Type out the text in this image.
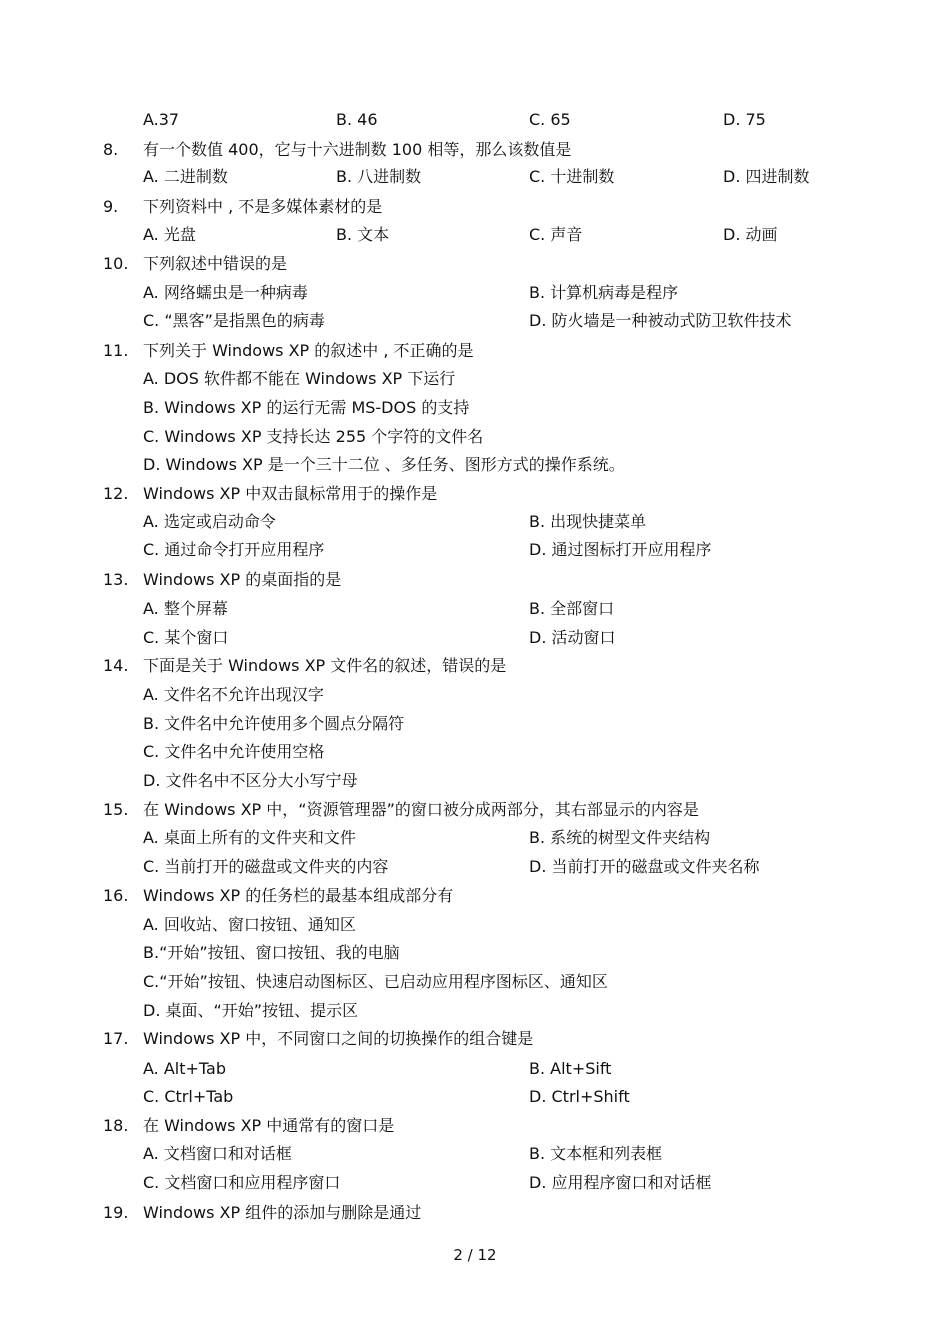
A.37	B. 46	C. 65	D. 75
8. 有一个数值 400，它与十六进制数 100 相等，那么该数值是
A. 二进制数	B. 八进制数	C. 十进制数	D. 四进制数
9. 下列资料中 , 不是多媒体素材的是
A. 光盘	B. 文本	C. 声音	D. 动画
10. 下列叙述中错误的是
A. 网络蠕虫是一种病毒	B. 计算机病毒是程序
C. “黑客”是指黑色的病毒	D. 防火墙是一种被动式防卫软件技术
11. 下列关于 Windows XP 的叙述中 , 不正确的是
A. DOS 软件都不能在 Windows XP 下运行
B. Windows XP 的运行无需 MS-DOS 的支持
C. Windows XP 支持长达 255 个字符的文件名
D. Windows XP 是一个三十二位 、多任务、图形方式的操作系统。
12. Windows XP 中双击鼠标常用于的操作是
A. 选定或启动命令	B. 出现快捷菜单
C. 通过命令打开应用程序	D. 通过图标打开应用程序
13. Windows XP 的桌面指的是
A. 整个屏幕	B. 全部窗口
C. 某个窗口	D. 活动窗口
14. 下面是关于 Windows XP 文件名的叙述，错误的是
A. 文件名不允许出现汉字
B. 文件名中允许使用多个圆点分隔符
C. 文件名中允许使用空格
D. 文件名中不区分大小写宁母
15. 在 Windows XP 中，“资源管理器”的窗口被分成两部分，其右部显示的内容是
A. 桌面上所有的文件夹和文件	B. 系统的树型文件夹结构
C. 当前打开的磁盘或文件夹的内容	D. 当前打开的磁盘或文件夹名称
16. Windows XP 的任务栏的最基本组成部分有
A. 回收站、窗口按钮、通知区
B.“开始”按钮、窗口按钮、我的电脑
C.“开始”按钮、快速启动图标区、已启动应用程序图标区、通知区
D. 桌面、“开始”按钮、提示区
17. Windows XP 中，不同窗口之间的切换操作的组合键是
A. Alt+Tab	B. Alt+Sift
C. Ctrl+Tab	D. Ctrl+Shift
18. 在 Windows XP 中通常有的窗口是
A. 文档窗口和对话框	B. 文本框和列表框
C. 文档窗口和应用程序窗口	D. 应用程序窗口和对话框
19. Windows XP 组件的添加与删除是通过
2 / 12
